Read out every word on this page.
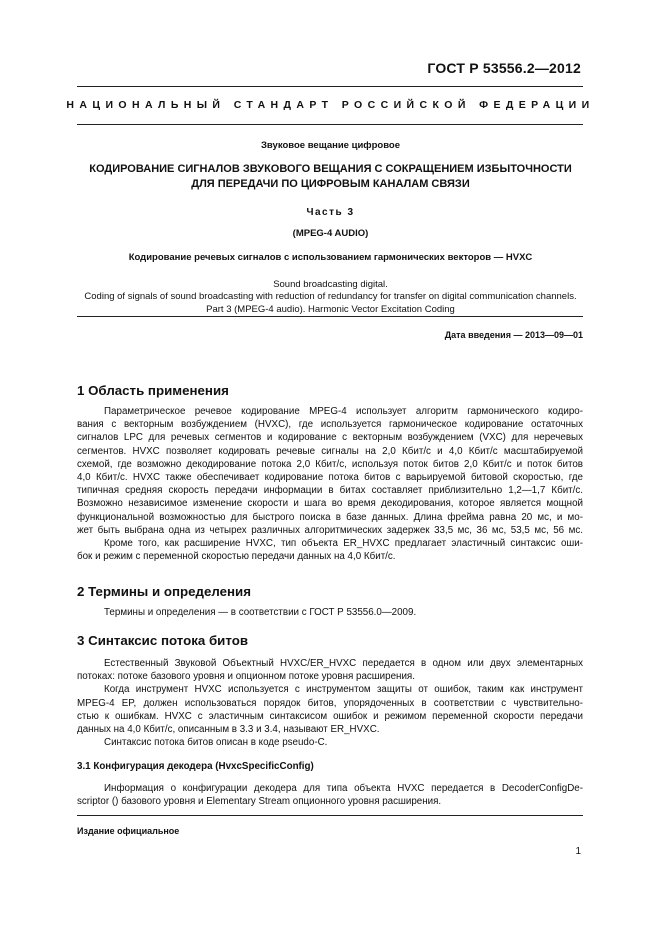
ГОСТ Р 53556.2—2012
НАЦИОНАЛЬНЫЙ СТАНДАРТ РОССИЙСКОЙ ФЕДЕРАЦИИ
Звуковое вещание цифровое
КОДИРОВАНИЕ СИГНАЛОВ ЗВУКОВОГО ВЕЩАНИЯ С СОКРАЩЕНИЕМ ИЗБЫТОЧНОСТИ
ДЛЯ ПЕРЕДАЧИ ПО ЦИФРОВЫМ КАНАЛАМ СВЯЗИ
Часть 3
(MPEG-4 AUDIO)
Кодирование речевых сигналов с использованием гармонических векторов — HVXC
Sound broadcasting digital.
Coding of signals of sound broadcasting with reduction of redundancy for transfer on digital communication channels.
Part 3 (MPEG-4 audio). Harmonic Vector Excitation Coding
Дата введения — 2013—09—01
1 Область применения
Параметрическое речевое кодирование MPEG-4 использует алгоритм гармонического кодиро-
вания с векторным возбуждением (HVXC), где используется гармоническое кодирование остаточных
сигналов LPC для речевых сегментов и кодирование с векторным возбуждением (VXC) для неречевых
сегментов. HVXC позволяет кодировать речевые сигналы на 2,0 Кбит/с и 4,0 Кбит/с масштабируемой
схемой, где возможно декодирование потока 2,0 Кбит/с, используя поток битов 2,0 Кбит/с и поток битов
4,0 Кбит/с. HVXC также обеспечивает кодирование потока битов с варьируемой битовой скоростью, где
типичная средняя скорость передачи информации в битах составляет приблизительно 1,2—1,7 Кбит/с.
Возможно независимое изменение скорости и шага во время декодирования, которое является мощной
функциональной возможностью для быстрого поиска в базе данных. Длина фрейма равна 20 мс, и мо-
жет быть выбрана одна из четырех различных алгоритмических задержек 33,5 мс, 36 мс, 53,5 мс, 56 мс.
Кроме того, как расширение HVXC, тип объекта ER_HVXC предлагает эластичный синтаксис оши-
бок и режим с переменной скоростью передачи данных на 4,0 Кбит/с.
2 Термины и определения
Термины и определения — в соответствии с ГОСТ Р 53556.0—2009.
3 Синтаксис потока битов
Естественный Звуковой Объектный HVXC/ER_HVXC передается в одном или двух элементарных
потоках: потоке базового уровня и опционном потоке уровня расширения.
Когда инструмент HVXC используется с инструментом защиты от ошибок, таким как инструмент
MPEG-4 EP, должен использоваться порядок битов, упорядоченных в соответствии с чувствительно-
стью к ошибкам. HVXC с эластичным синтаксисом ошибок и режимом переменной скорости передачи
данных на 4,0 Кбит/с, описанным в 3.3 и 3.4, называют ER_HVXC.
Синтаксис потока битов описан в коде pseudo-C.
3.1 Конфигурация декодера (HvxcSpecificConfig)
Информация о конфигурации декодера для типа объекта HVXC передается в DecoderConfigDe-
scriptor () базового уровня и Elementary Stream опционного уровня расширения.
Издание официальное
1
